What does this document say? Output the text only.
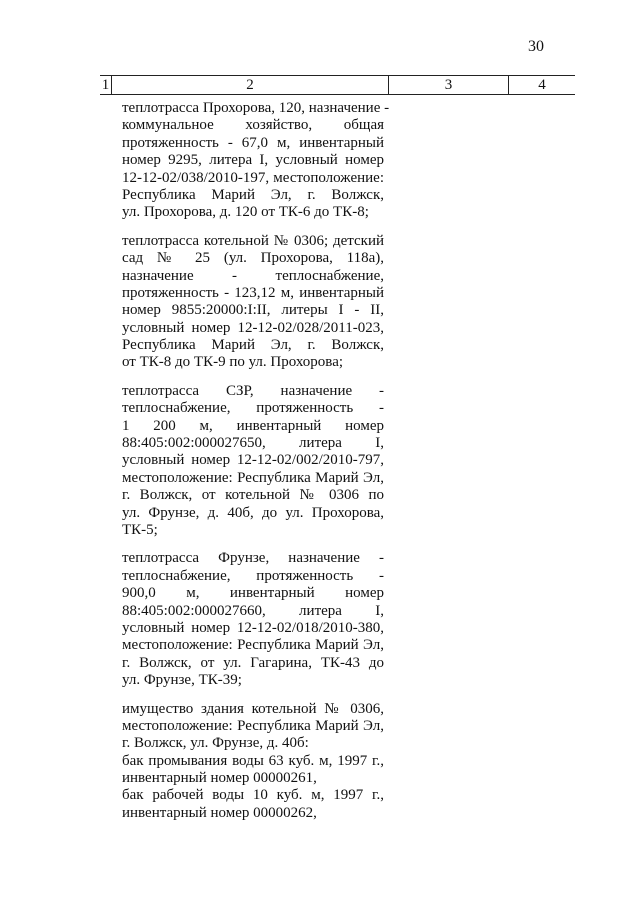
30
1	2	3	4
теплотрасса Прохорова, 120, назначение -
коммунальное хозяйство, общая
протяженность - 67,0 м, инвентарный
номер 9295, литера I, условный номер
12-12-02/038/2010-197, местоположение:
Республика Марий Эл, г. Волжск,
ул. Прохорова, д. 120 от ТК-6 до ТК-8;
теплотрасса котельной № 0306; детский
сад № 25 (ул. Прохорова, 118а),
назначение - теплоснабжение,
протяженность - 123,12 м, инвентарный
номер 9855:20000:I:II, литеры I - II,
условный номер 12-12-02/028/2011-023,
Республика Марий Эл, г. Волжск,
от ТК-8 до ТК-9 по ул. Прохорова;
теплотрасса СЗР, назначение -
теплоснабжение, протяженность -
1 200 м, инвентарный номер
88:405:002:000027650, литера I,
условный номер 12-12-02/002/2010-797,
местоположение: Республика Марий Эл,
г. Волжск, от котельной № 0306 по
ул. Фрунзе, д. 40б, до ул. Прохорова,
ТК-5;
теплотрасса Фрунзе, назначение -
теплоснабжение, протяженность -
900,0 м, инвентарный номер
88:405:002:000027660, литера I,
условный номер 12-12-02/018/2010-380,
местоположение: Республика Марий Эл,
г. Волжск, от ул. Гагарина, ТК-43 до
ул. Фрунзе, ТК-39;
имущество здания котельной № 0306,
местоположение: Республика Марий Эл,
г. Волжск, ул. Фрунзе, д. 40б:
бак промывания воды 63 куб. м, 1997 г.,
инвентарный номер 00000261,
бак рабочей воды 10 куб. м, 1997 г.,
инвентарный номер 00000262,
